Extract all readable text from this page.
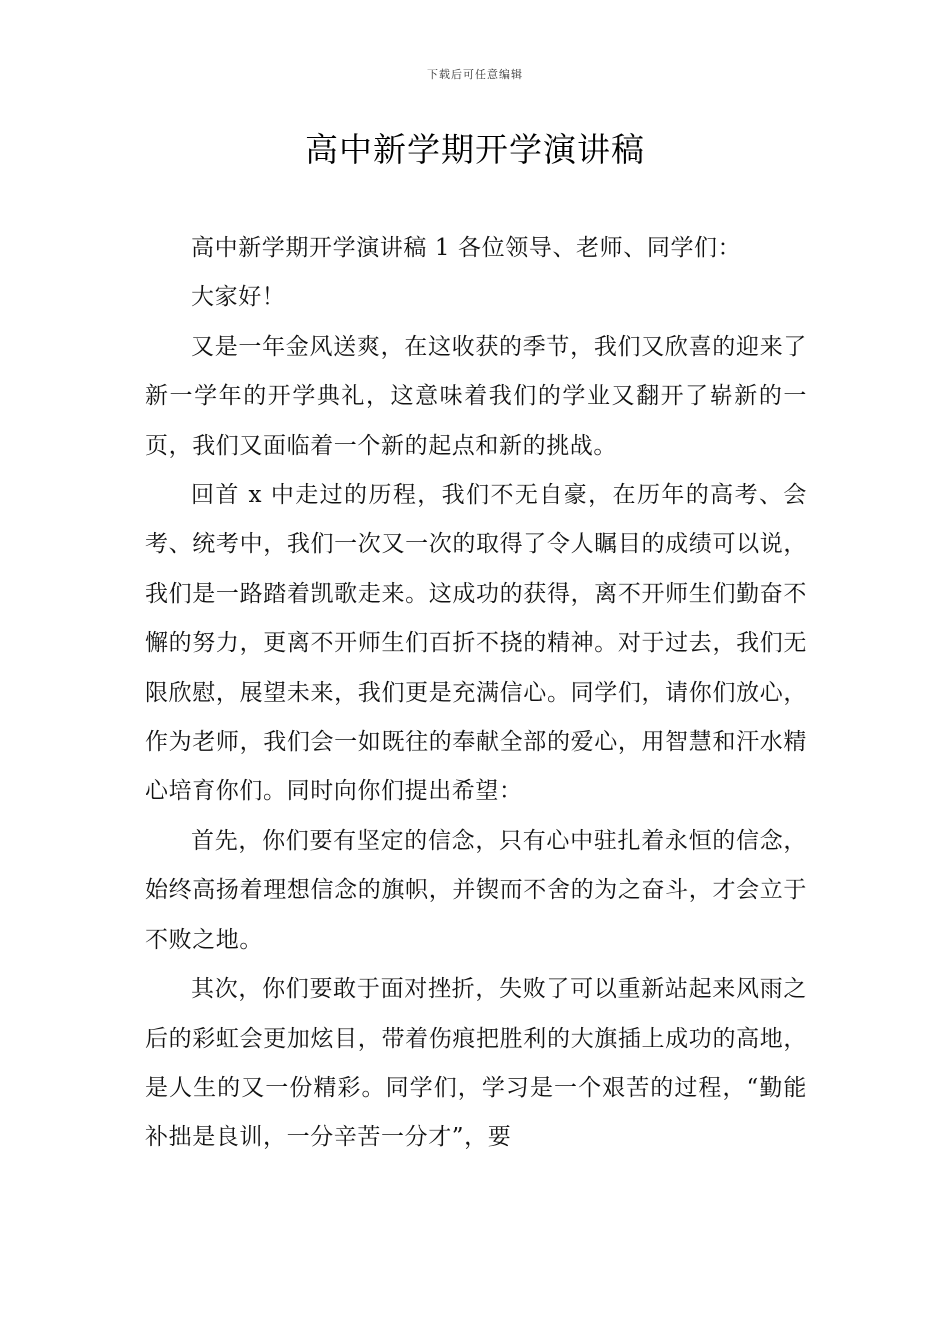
下载后可任意编辑
高中新学期开学演讲稿

高中新学期开学演讲稿 1 各位领导、老师、同学们：

大家好！

又是一年金风送爽，在这收获的季节，我们又欣喜的迎来了新一学年的开学典礼，这意味着我们的学业又翻开了崭新的一页，我们又面临着一个新的起点和新的挑战。

回首 x 中走过的历程，我们不无自豪，在历年的高考、会考、统考中，我们一次又一次的取得了令人瞩目的成绩可以说，我们是一路踏着凯歌走来。这成功的获得，离不开师生们勤奋不懈的努力，更离不开师生们百折不挠的精神。对于过去，我们无限欣慰，展望未来，我们更是充满信心。同学们，请你们放心，作为老师，我们会一如既往的奉献全部的爱心，用智慧和汗水精心培育你们。同时向你们提出希望：

首先，你们要有坚定的信念，只有心中驻扎着永恒的信念，始终高扬着理想信念的旗帜，并锲而不舍的为之奋斗，才会立于不败之地。

其次，你们要敢于面对挫折，失败了可以重新站起来风雨之后的彩虹会更加炫目，带着伤痕把胜利的大旗插上成功的高地，是人生的又一份精彩。同学们，学习是一个艰苦的过程，“勤能补拙是良训，一分辛苦一分才”，要
